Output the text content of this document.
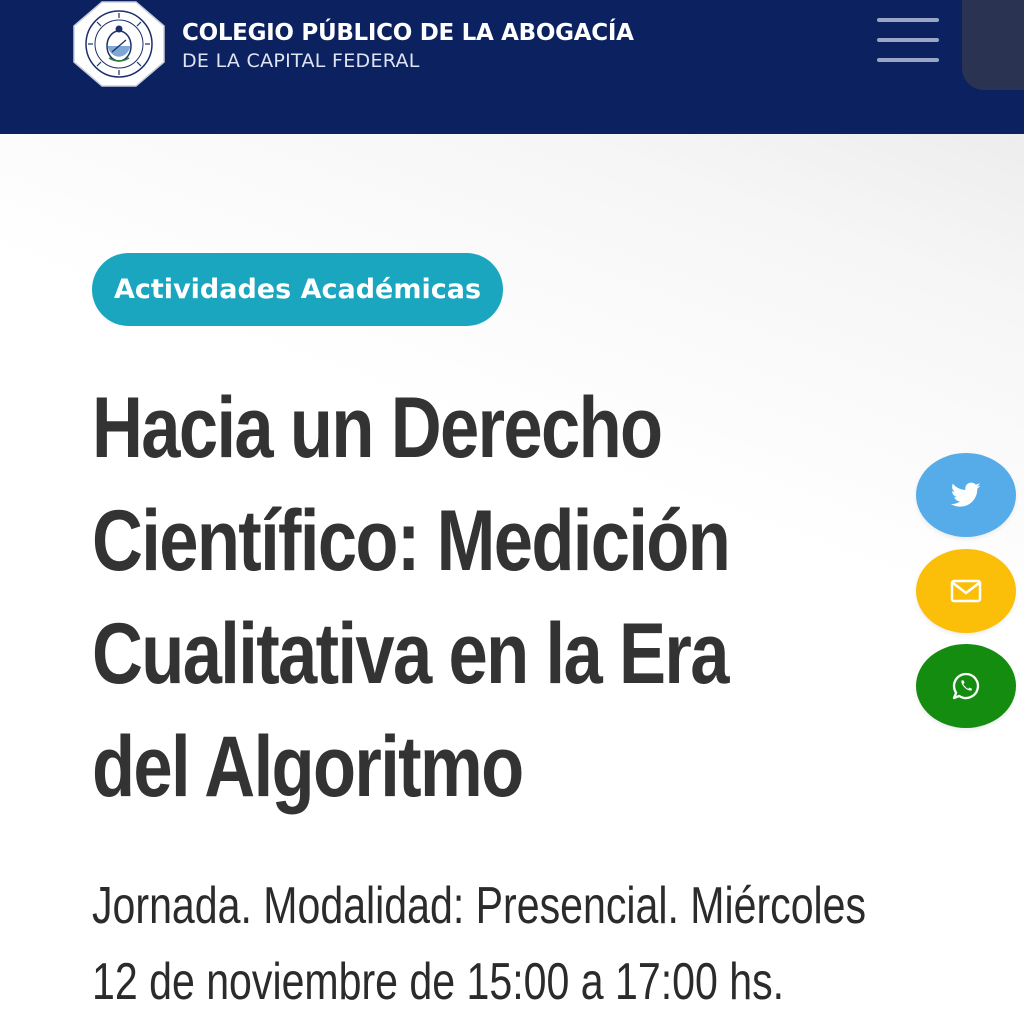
COLEGIO PÚBLICO DE LA ABOGACÍA
DE LA CAPITAL FEDERAL
Actividades Académicas
Hacia un Derecho
Científico: Medición
Cualitativa en la Era
del Algoritmo
Jornada. Modalidad: Presencial. Miércoles
12 de noviembre de 15:00 a 17:00 hs.
